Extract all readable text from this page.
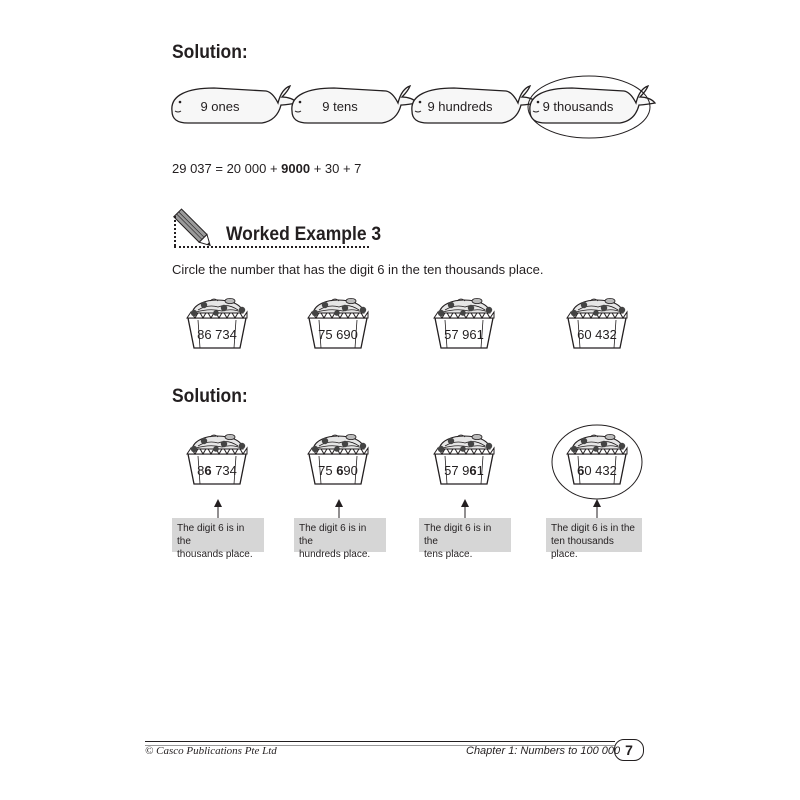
Solution:
9 ones	9 tens	9 hundreds	9 thousands
29 037 = 20 000 + 9000 + 30 + 7
Worked Example 3
Circle the number that has the digit 6 in the ten thousands place.
86 734	75 690	57 961	60 432
Solution:
86 734	75 690	57 961	60 432
The digit 6 is in the
thousands place.
The digit 6 is in the
hundreds place.
The digit 6 is in the
tens place.
The digit 6 is in the
ten thousands place.
© Casco Publications Pte Ltd	Chapter 1: Numbers to 100 000 7
